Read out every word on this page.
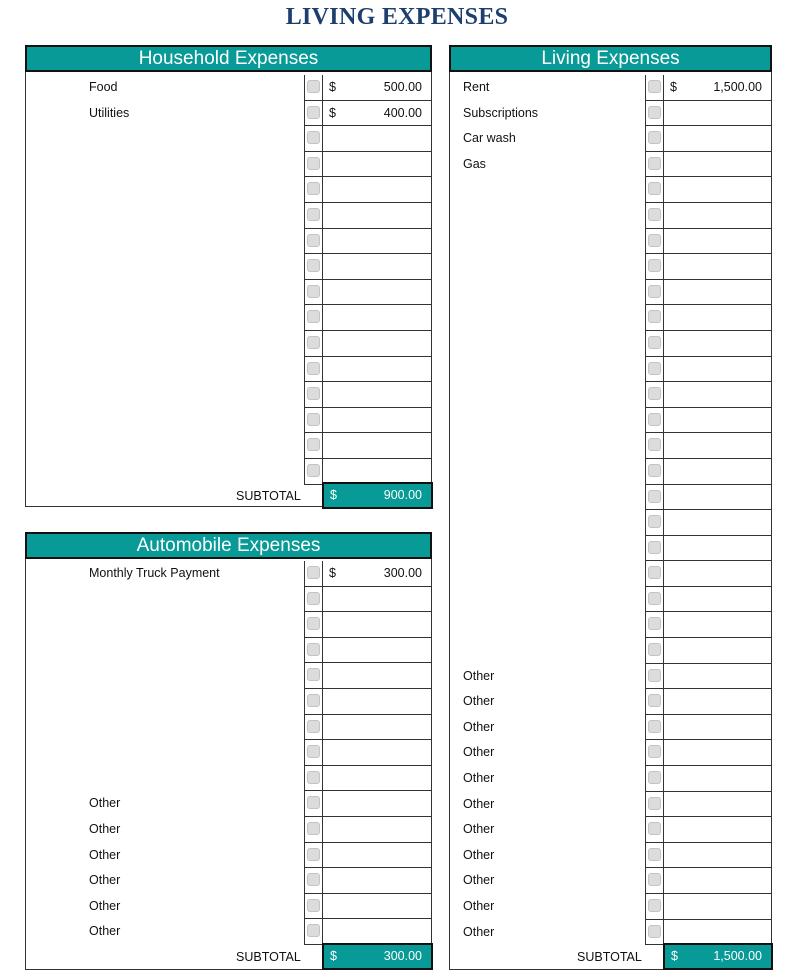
LIVING EXPENSES
Household Expenses
Food	$	500.00
Utilities	$	400.00
SUBTOTAL $	900.00
Automobile Expenses
Monthly Truck Payment	$	300.00
Other
Other
Other
Other
Other
Other
SUBTOTAL $	300.00
Living Expenses
Rent	$	1,500.00
Subscriptions
Car wash
Gas
Other
Other
Other
Other
Other
Other
Other
Other
Other
Other
Other
SUBTOTAL $	1,500.00
